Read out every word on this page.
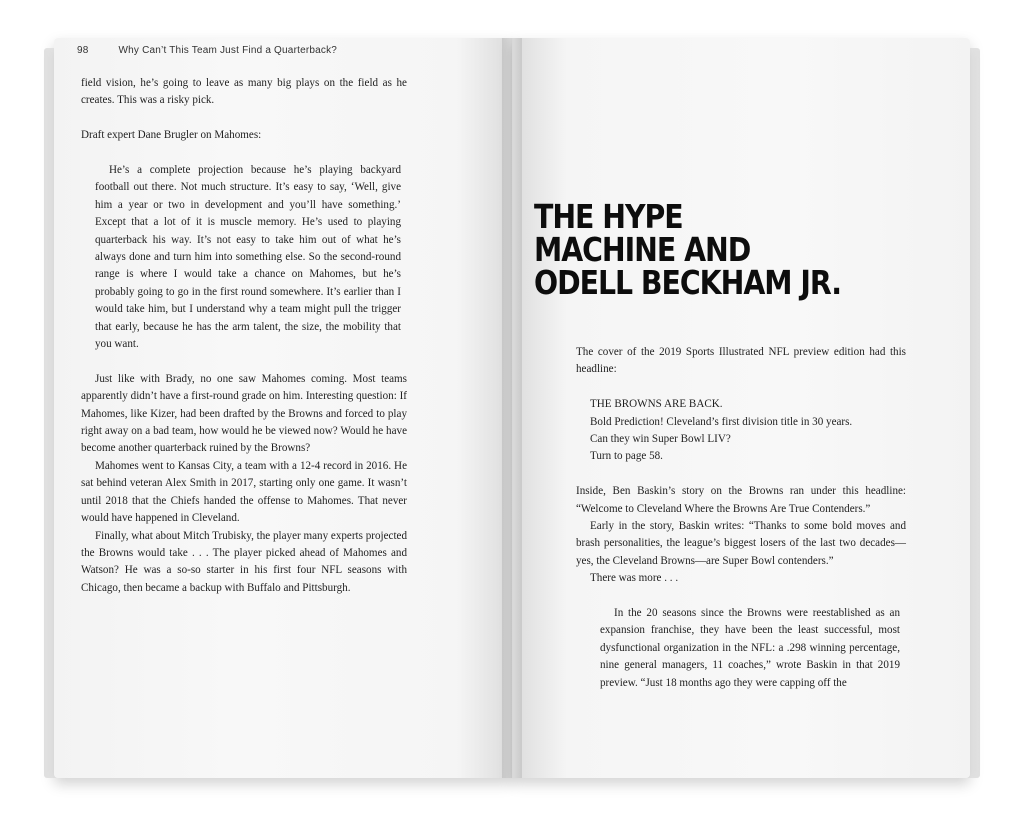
98	Why Can’t This Team Just Find a Quarterback?

field vision, he’s going to leave as many big plays on the field as he creates. This was a risky pick.

Draft expert Dane Brugler on Mahomes:

He’s a complete projection because he’s playing backyard football out there. Not much structure. It’s easy to say, ‘Well, give him a year or two in development and you’ll have something.’ Except that a lot of it is muscle memory. He’s used to playing quarterback his way. It’s not easy to take him out of what he’s always done and turn him into something else. So the second-round range is where I would take a chance on Mahomes, but he’s probably going to go in the first round somewhere. It’s earlier than I would take him, but I understand why a team might pull the trigger that early, because he has the arm talent, the size, the mobility that you want.

Just like with Brady, no one saw Mahomes coming. Most teams apparently didn’t have a first-round grade on him. Interesting question: If Mahomes, like Kizer, had been drafted by the Browns and forced to play right away on a bad team, how would he be viewed now? Would he have become another quarterback ruined by the Browns?

Mahomes went to Kansas City, a team with a 12-4 record in 2016. He sat behind veteran Alex Smith in 2017, starting only one game. It wasn’t until 2018 that the Chiefs handed the offense to Mahomes. That never would have happened in Cleveland.

Finally, what about Mitch Trubisky, the player many experts projected the Browns would take . . . The player picked ahead of Mahomes and Watson? He was a so-so starter in his first four NFL seasons with Chicago, then became a backup with Buffalo and Pittsburgh.

THE HYPE
MACHINE AND
ODELL BECKHAM JR.

The cover of the 2019 Sports Illustrated NFL preview edition had this headline:

THE BROWNS ARE BACK.

Bold Prediction! Cleveland’s first division title in 30 years.

Can they win Super Bowl LIV?

Turn to page 58.

Inside, Ben Baskin’s story on the Browns ran under this headline: “Welcome to Cleveland Where the Browns Are True Contenders.”

Early in the story, Baskin writes: “Thanks to some bold moves and brash personalities, the league’s biggest losers of the last two decades—yes, the Cleveland Browns—are Super Bowl contenders.”

There was more . . .

In the 20 seasons since the Browns were reestablished as an expansion franchise, they have been the least successful, most dysfunctional organization in the NFL: a .298 winning percentage, nine general managers, 11 coaches,” wrote Baskin in that 2019 preview. “Just 18 months ago they were capping off the
